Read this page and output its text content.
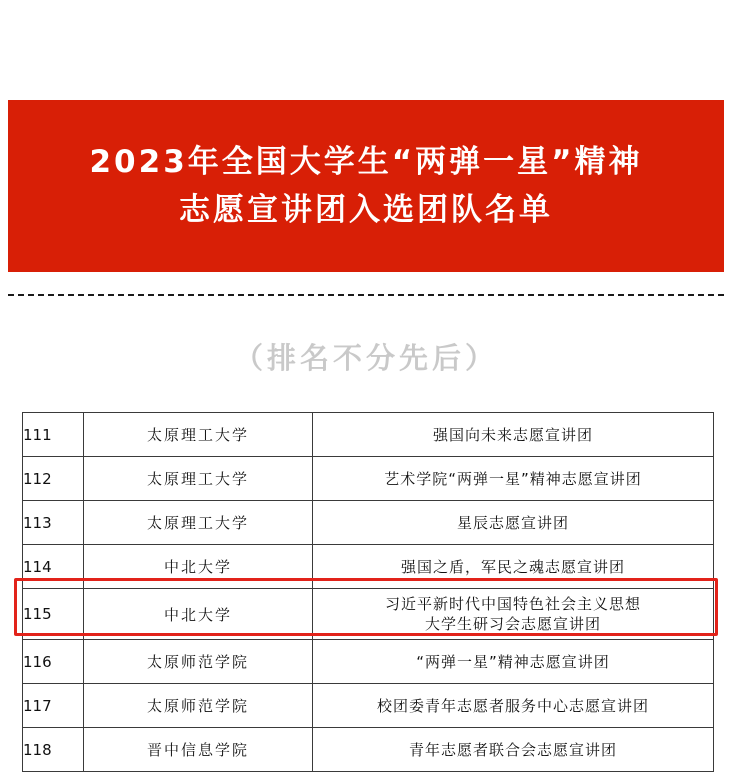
2023年全国大学生“两弹一星”精神
志愿宣讲团入选团队名单
（排名不分先后）
111	太原理工大学	强国向未来志愿宣讲团
112	太原理工大学	艺术学院“两弹一星”精神志愿宣讲团
113	太原理工大学	星辰志愿宣讲团
114	中北大学	强国之盾，军民之魂志愿宣讲团
115	中北大学	习近平新时代中国特色社会主义思想
大学生研习会志愿宣讲团
116	太原师范学院	“两弹一星”精神志愿宣讲团
117	太原师范学院	校团委青年志愿者服务中心志愿宣讲团
118	晋中信息学院	青年志愿者联合会志愿宣讲团
